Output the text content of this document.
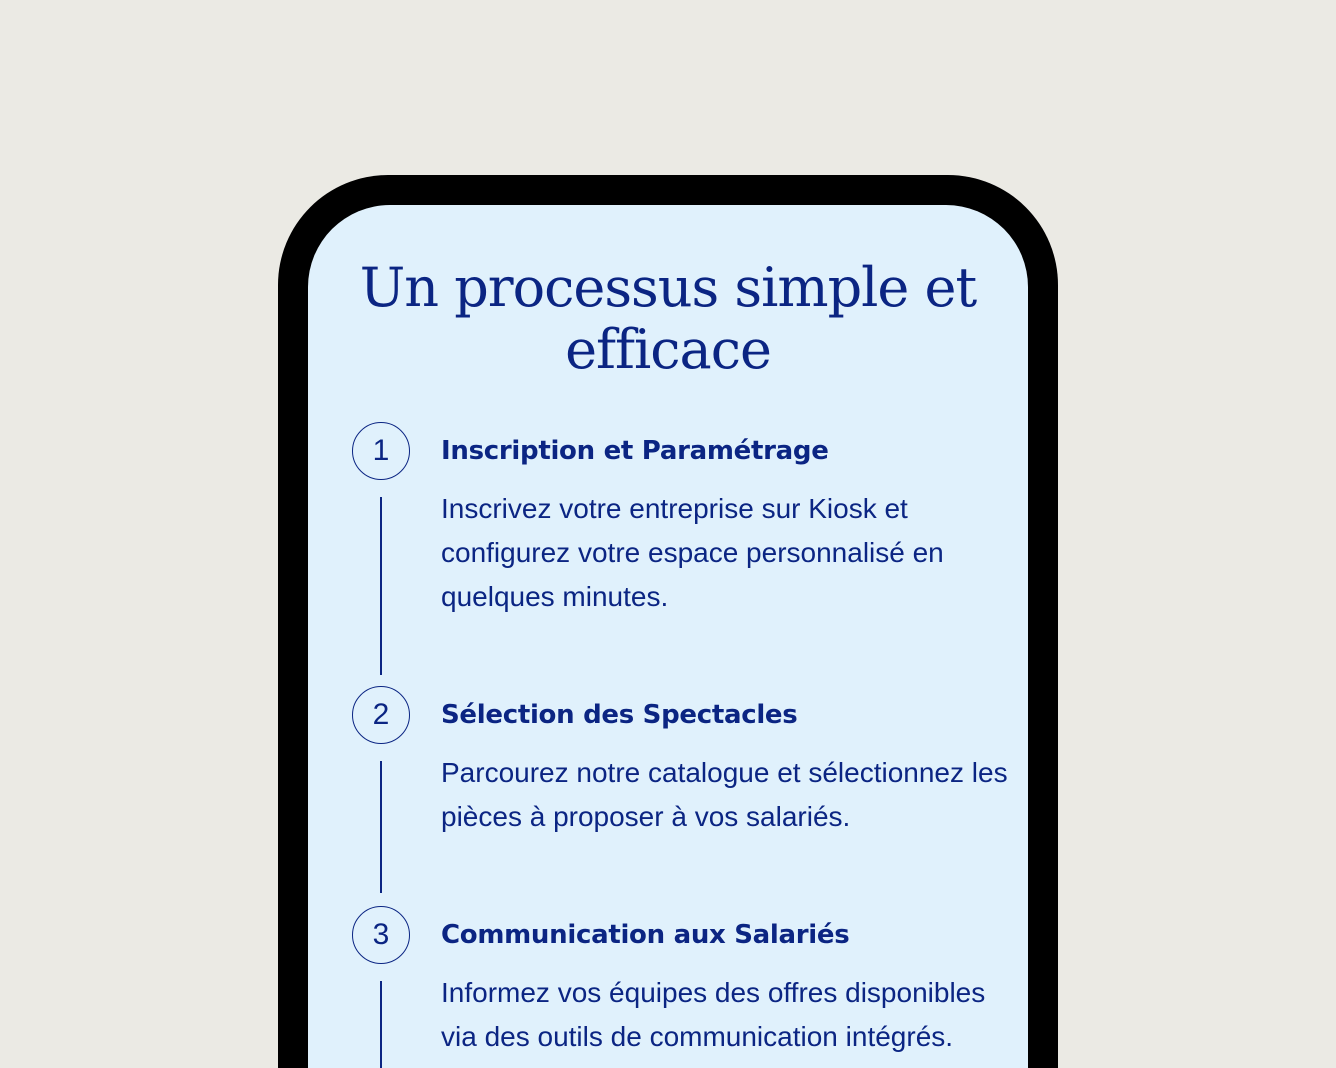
Un processus simple et efficace
1	Inscription et Paramétrage

Inscrivez votre entreprise sur Kiosk et configurez votre espace personnalisé en quelques minutes.

2	Sélection des Spectacles

Parcourez notre catalogue et sélectionnez les pièces à proposer à vos salariés.

3	Communication aux Salariés

Informez vos équipes des offres disponibles via des outils de communication intégrés.
